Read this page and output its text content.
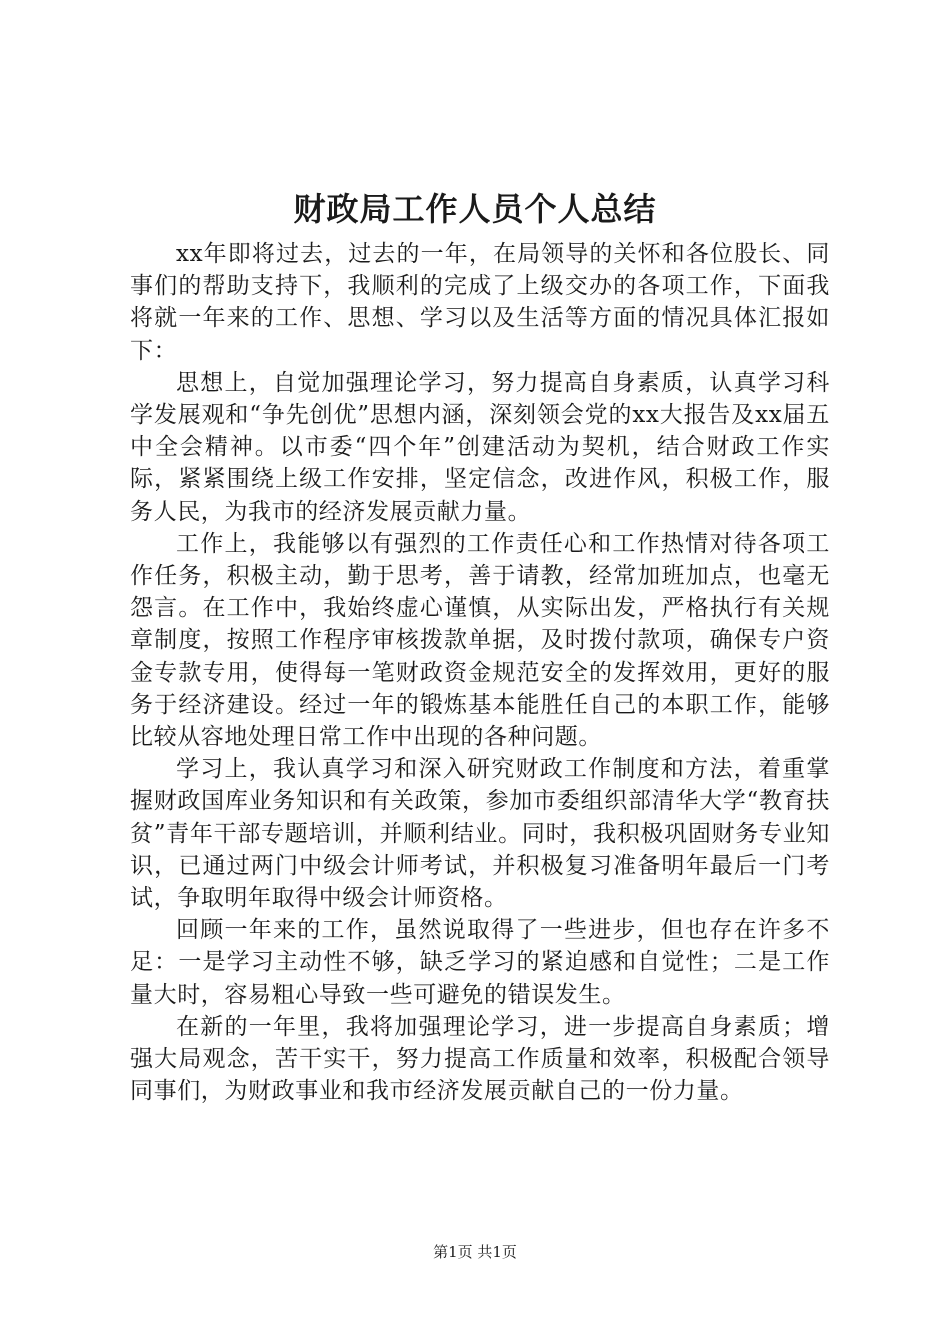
财政局工作人员个人总结

xx年即将过去，过去的一年，在局领导的关怀和各位股长、同事们的帮助支持下，我顺利的完成了上级交办的各项工作，下面我将就一年来的工作、思想、学习以及生活等方面的情况具体汇报如下：

思想上，自觉加强理论学习，努力提高自身素质，认真学习科学发展观和“争先创优”思想内涵，深刻领会党的xx大报告及xx届五中全会精神。以市委“四个年”创建活动为契机，结合财政工作实际，紧紧围绕上级工作安排，坚定信念，改进作风，积极工作，服务人民，为我市的经济发展贡献力量。

工作上，我能够以有强烈的工作责任心和工作热情对待各项工作任务，积极主动，勤于思考，善于请教，经常加班加点，也毫无怨言。在工作中，我始终虚心谨慎，从实际出发，严格执行有关规章制度，按照工作程序审核拨款单据，及时拨付款项，确保专户资金专款专用，使得每一笔财政资金规范安全的发挥效用，更好的服务于经济建设。经过一年的锻炼基本能胜任自己的本职工作，能够比较从容地处理日常工作中出现的各种问题。

学习上，我认真学习和深入研究财政工作制度和方法，着重掌握财政国库业务知识和有关政策，参加市委组织部清华大学“教育扶贫”青年干部专题培训，并顺利结业。同时，我积极巩固财务专业知识，已通过两门中级会计师考试，并积极复习准备明年最后一门考试，争取明年取得中级会计师资格。

回顾一年来的工作，虽然说取得了一些进步，但也存在许多不足：一是学习主动性不够，缺乏学习的紧迫感和自觉性；二是工作量大时，容易粗心导致一些可避免的错误发生。

在新的一年里，我将加强理论学习，进一步提高自身素质；增强大局观念，苦干实干，努力提高工作质量和效率，积极配合领导同事们，为财政事业和我市经济发展贡献自己的一份力量。

第1页 共1页
